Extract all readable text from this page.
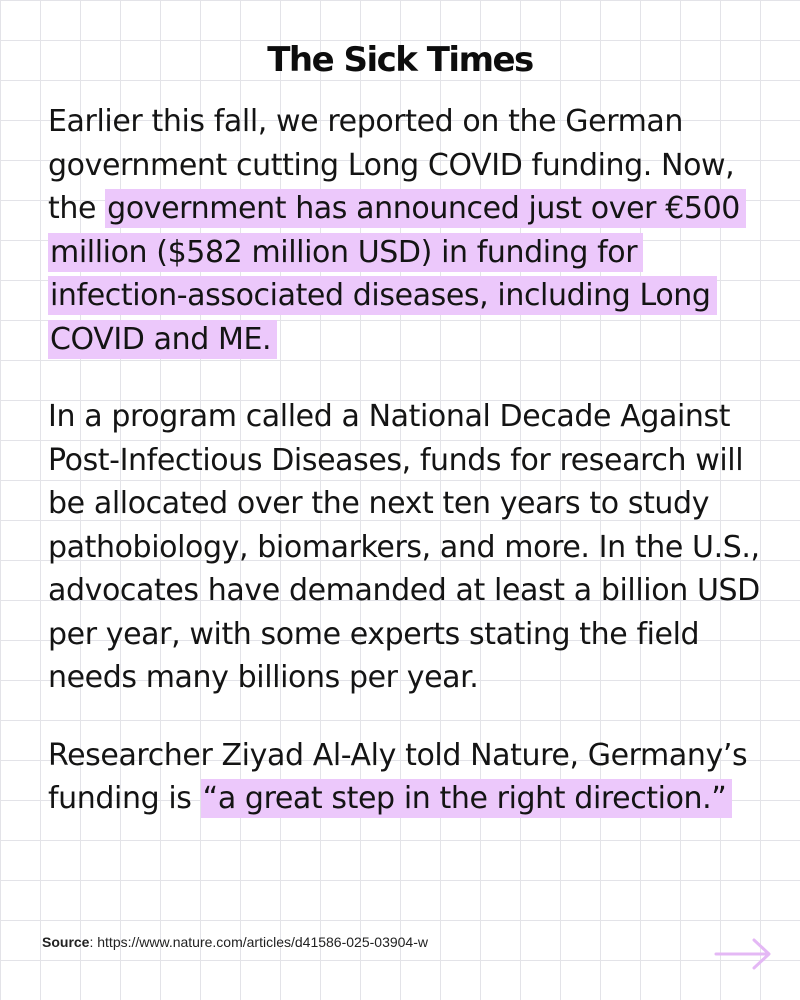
The Sick Times

Earlier this fall, we reported on the German government cutting Long COVID funding. Now, the government has announced just over €500 million ($582 million USD) in funding for infection-associated diseases, including Long COVID and ME.

In a program called a National Decade Against Post-Infectious Diseases, funds for research will be allocated over the next ten years to study pathobiology, biomarkers, and more. In the U.S., advocates have demanded at least a billion USD per year, with some experts stating the field needs many billions per year.

Researcher Ziyad Al-Aly told Nature, Germany’s funding is “a great step in the right direction.”

Source: https://www.nature.com/articles/d41586-025-03904-w
